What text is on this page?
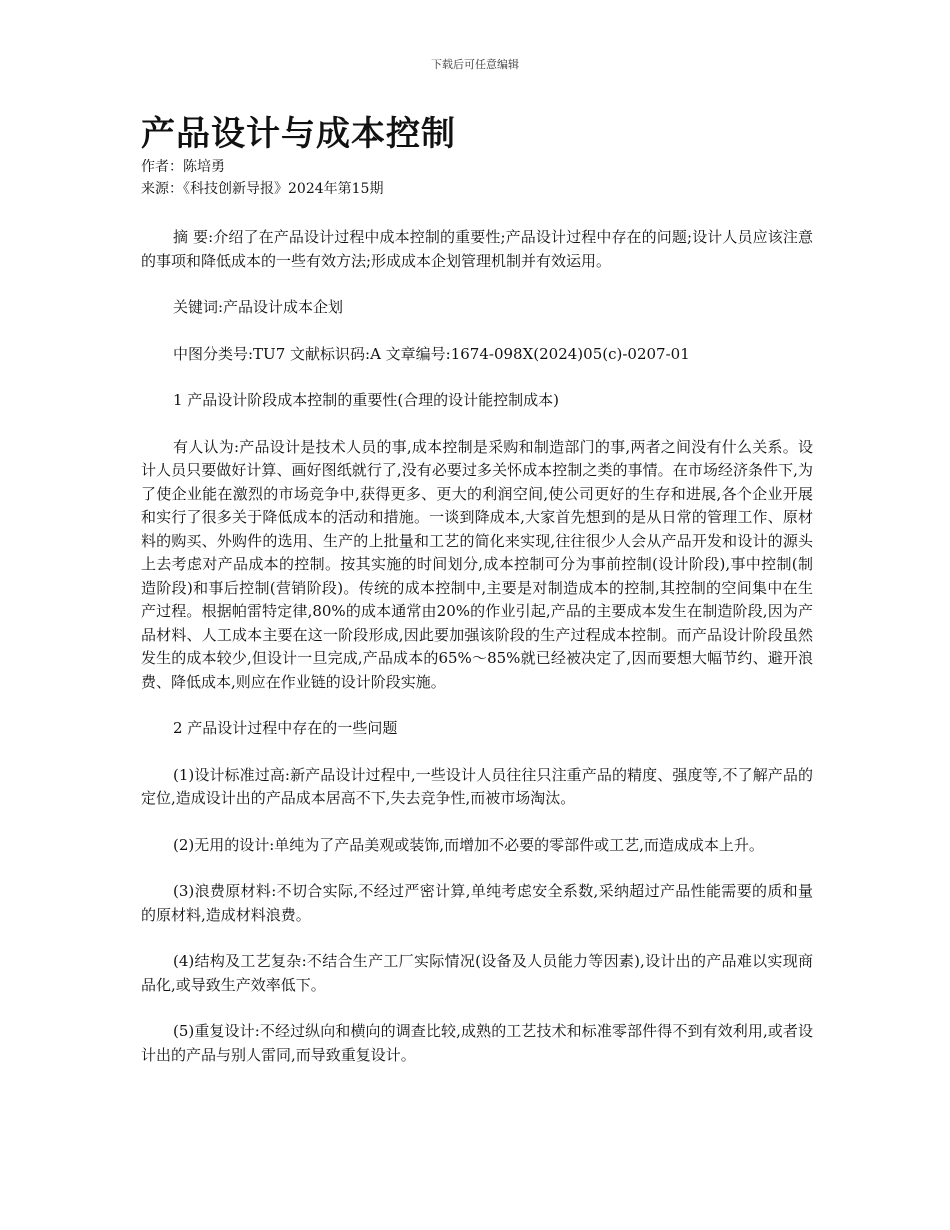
下载后可任意编辑
产品设计与成本控制

作者：陈培勇

来源：《科技创新导报》2024年第15期

摘 要:介绍了在产品设计过程中成本控制的重要性;产品设计过程中存在的问题;设计人员应该注意的事项和降低成本的一些有效方法;形成成本企划管理机制并有效运用。

关键词:产品设计成本企划

中图分类号:TU7 文献标识码:A 文章编号:1674-098X(2024)05(c)-0207-01

1 产品设计阶段成本控制的重要性(合理的设计能控制成本)

有人认为:产品设计是技术人员的事,成本控制是采购和制造部门的事,两者之间没有什么关系。设计人员只要做好计算、画好图纸就行了,没有必要过多关怀成本控制之类的事情。在市场经济条件下,为了使企业能在激烈的市场竞争中,获得更多、更大的利润空间,使公司更好的生存和进展,各个企业开展和实行了很多关于降低成本的活动和措施。一谈到降成本,大家首先想到的是从日常的管理工作、原材料的购买、外购件的选用、生产的上批量和工艺的简化来实现,往往很少人会从产品开发和设计的源头上去考虑对产品成本的控制。按其实施的时间划分,成本控制可分为事前控制(设计阶段),事中控制(制造阶段)和事后控制(营销阶段)。传统的成本控制中,主要是对制造成本的控制,其控制的空间集中在生产过程。根据帕雷特定律,80%的成本通常由20%的作业引起,产品的主要成本发生在制造阶段,因为产品材料、人工成本主要在这一阶段形成,因此要加强该阶段的生产过程成本控制。而产品设计阶段虽然发生的成本较少,但设计一旦完成,产品成本的65%～85%就已经被决定了,因而要想大幅节约、避开浪费、降低成本,则应在作业链的设计阶段实施。

2 产品设计过程中存在的一些问题

(1)设计标准过高:新产品设计过程中,一些设计人员往往只注重产品的精度、强度等,不了解产品的定位,造成设计出的产品成本居高不下,失去竞争性,而被市场淘汰。

(2)无用的设计:单纯为了产品美观或装饰,而增加不必要的零部件或工艺,而造成成本上升。

(3)浪费原材料:不切合实际,不经过严密计算,单纯考虑安全系数,采纳超过产品性能需要的质和量的原材料,造成材料浪费。

(4)结构及工艺复杂:不结合生产工厂实际情况(设备及人员能力等因素),设计出的产品难以实现商品化,或导致生产效率低下。

(5)重复设计:不经过纵向和横向的调查比较,成熟的工艺技术和标准零部件得不到有效利用,或者设计出的产品与别人雷同,而导致重复设计。
